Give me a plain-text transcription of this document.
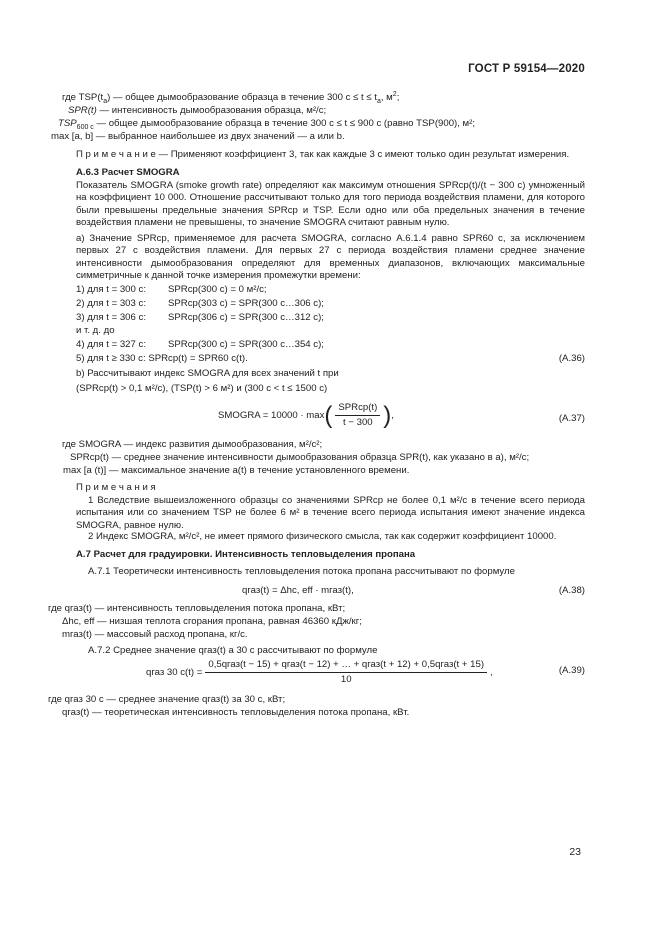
ГОСТ Р 59154—2020
где $TSP(t_a)$ — общее дымообразование образца в течение 300 $с \le t \le t_a$, $м^2$;
SPR(t) — интенсивность дымообразования образца, м²/с;
$TSP_{600 с}$ — общее дымообразование образца в течение 300 с ≤ t ≤ 900 с (равно TSP(900), м²;
max [a, b] — выбранное наибольшее из двух значений — a или b.
П р и м е ч а н и е — Применяют коэффициент 3, так как каждые 3 с имеют только один результат измерения.
А.6.3 Расчет SMOGRA
Показатель SMOGRA (smoke growth rate) определяют как максимум отношения SPRср(t)/(t − 300 с) умноженный на коэффициент 10 000. Отношение рассчитывают только для того периода воздействия пламени, для которого были превышены предельные значения SPRср и TSP. Если одно или оба предельных значения в течение воздействия пламени не превышены, то значение SMOGRA считают равным нулю.
а) Значение SPRср, применяемое для расчета SMOGRA, согласно А.6.1.4 равно SPR60 с, за исключением первых 27 с воздействия пламени. Для первых 27 с периода воздействия пламени среднее значение интенсивности дымообразования определяют для временных диапазонов, включающих максимальные симметричные к данной точке измерения промежутки времени:
1) для t = 300 с: SPRср(300 с) = 0 м²/с;
2) для t = 303 с: SPRср(303 с) = SPR(300 с…306 с);
3) для t = 306 с: SPRср(306 с) = SPR(300 с…312 с);
и т. д. до
4) для t = 327 с: SPRср(300 с) = SPR(300 с…354 с);
5) для t ≥ 330 с: SPRср(t) = SPR60 с(t).	(А.36)
b) Рассчитывают индекс SMOGRA для всех значений t при
(SPRср(t) > 0,1 м²/с), (TSP(t) > 6 м²) и (300 с < t ≤ 1500 с)
SMOGRA = 10000 · max ( $\frac{\text{SPRср(t)}}{t - 300}$ ) ,	(А.37)
где SMOGRA — индекс развития дымообразования, м²/с²;
SPRср(t) — среднее значение интенсивности дымообразования образца SPR(t), как указано в а), м²/с;
max [a (t)] — максимальное значение a(t) в течение установленного времени.
П р и м е ч а н и я
1 Вследствие вышеизложенного образцы со значениями SPRср не более 0,1 м²/с в течение всего периода испытания или со значением TSP не более 6 м² в течение всего периода испытания имеют значение индекса SMOGRA, равное нулю.
2 Индекс SMOGRA, м²/с², не имеет прямого физического смысла, так как содержит коэффициент 10000.
А.7 Расчет для градуировки. Интенсивность тепловыделения пропана
А.7.1 Теоретически интенсивность тепловыделения потока пропана рассчитывают по формуле
qгаз(t) = Δhc, eff · mгаз(t),	(А.38)
где qгаз(t) — интенсивность тепловыделения потока пропана, кВт;
Δhc, eff — низшая теплота сгорания пропана, равная 46360 кДж/кг;
mгаз(t) — массовый расход пропана, кг/с.
А.7.2 Среднее значение qгаз(t) а 30 с рассчитывают по формуле
qгаз 30 с(t) =
0,5qгаз(t − 15) + qгаз(t − 12) + … + qгаз(t + 12) + 0,5qгаз(t + 15)
10
,	(А.39)
где qгаз 30 с — среднее значение qгаз(t) за 30 с, кВт;
qгаз(t) — теоретическая интенсивность тепловыделения потока пропана, кВт.
23
